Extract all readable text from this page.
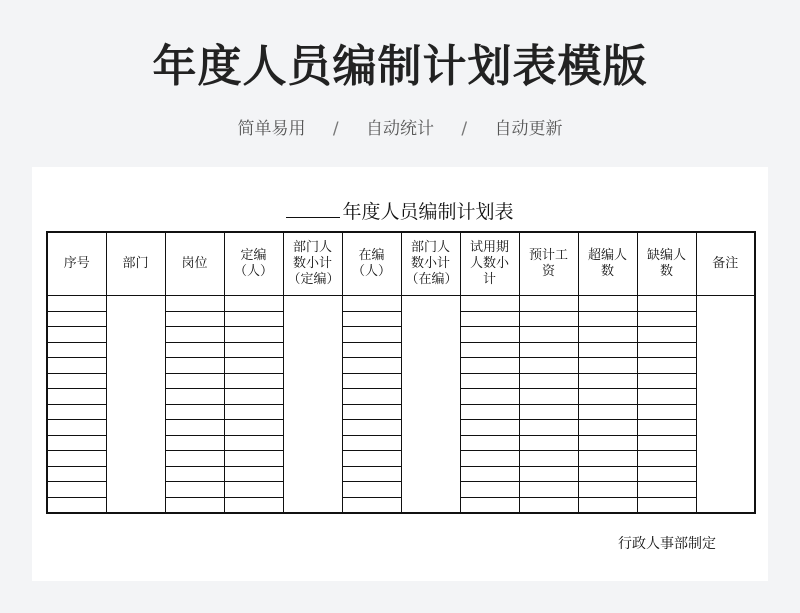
年度人员编制计划表模版
简单易用 / 自动统计 / 自动更新
年度人员编制计划表
序号	部门	岗位	定编（人）	部门人数小计（定编）	在编（人）	部门人数小计（在编）	试用期人数小计	预计工资	超编人数	缺编人数	备注

行政人事部制定
